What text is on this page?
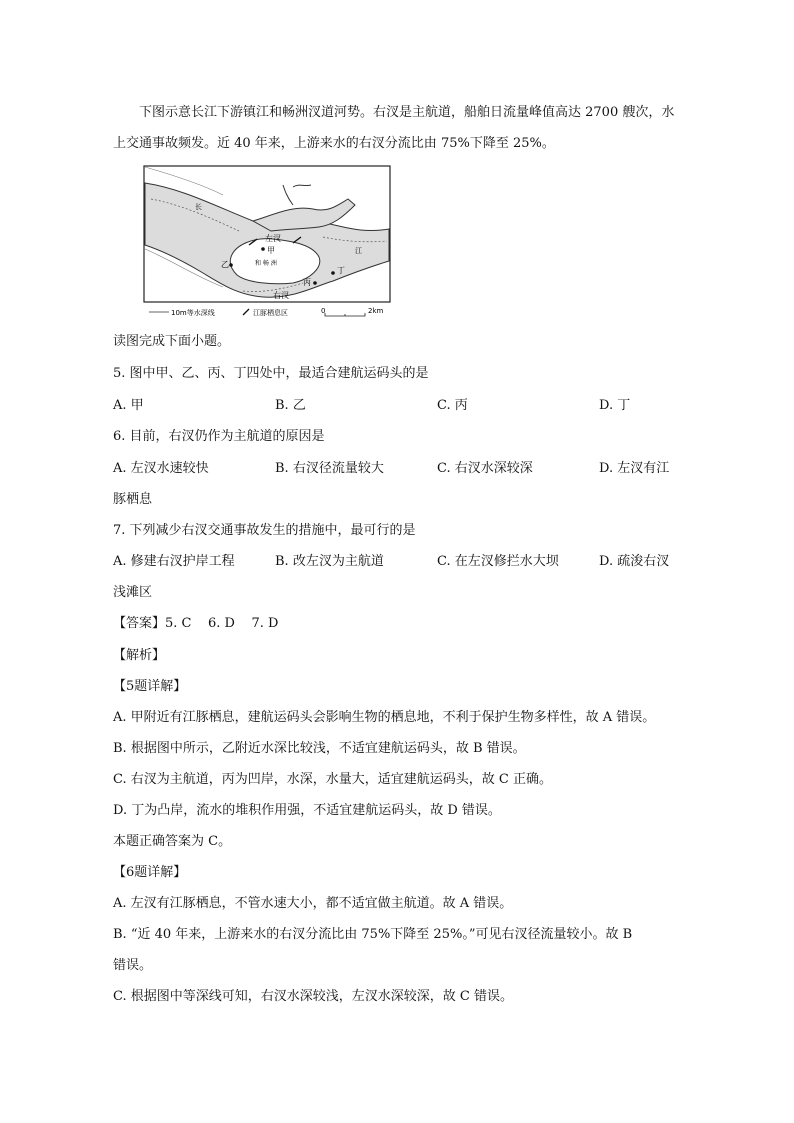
下图示意长江下游镇江和畅洲汊道河势。右汊是主航道，船舶日流量峰值高达 2700 艘次，水上交通事故频发。近 40 年来，上游来水的右汊分流比由 75%下降至 25%。
左汊
甲
乙	和 畅 洲
丙
丁
右汊
长
江
10m等水深线	江豚栖息区	0	2km
读图完成下面小题。
5. 图中甲、乙、丙、丁四处中，最适合建航运码头的是
A. 甲	B. 乙	C. 丙	D. 丁
6. 目前，右汊仍作为主航道的原因是
A. 左汊水速较快	B. 右汊径流量较大	C. 右汊水深较深	D. 左汊有江
豚栖息
7. 下列减少右汊交通事故发生的措施中，最可行的是
A. 修建右汊护岸工程	B. 改左汊为主航道	C. 在左汊修拦水大坝	D. 疏浚右汊
浅滩区
【答案】5. C    6. D    7. D
【解析】
【5题详解】
A. 甲附近有江豚栖息，建航运码头会影响生物的栖息地，不利于保护生物多样性，故 A 错误。
B. 根据图中所示，乙附近水深比较浅，不适宜建航运码头，故 B 错误。
C. 右汊为主航道，丙为凹岸，水深，水量大，适宜建航运码头，故 C 正确。
D. 丁为凸岸，流水的堆积作用强，不适宜建航运码头，故 D 错误。
本题正确答案为 C。
【6题详解】
A. 左汊有江豚栖息，不管水速大小，都不适宜做主航道。故 A 错误。
B. “近 40 年来，上游来水的右汊分流比由 75%下降至 25%。”可见右汊径流量较小。故 B
错误。
C. 根据图中等深线可知，右汊水深较浅，左汊水深较深，故 C 错误。
